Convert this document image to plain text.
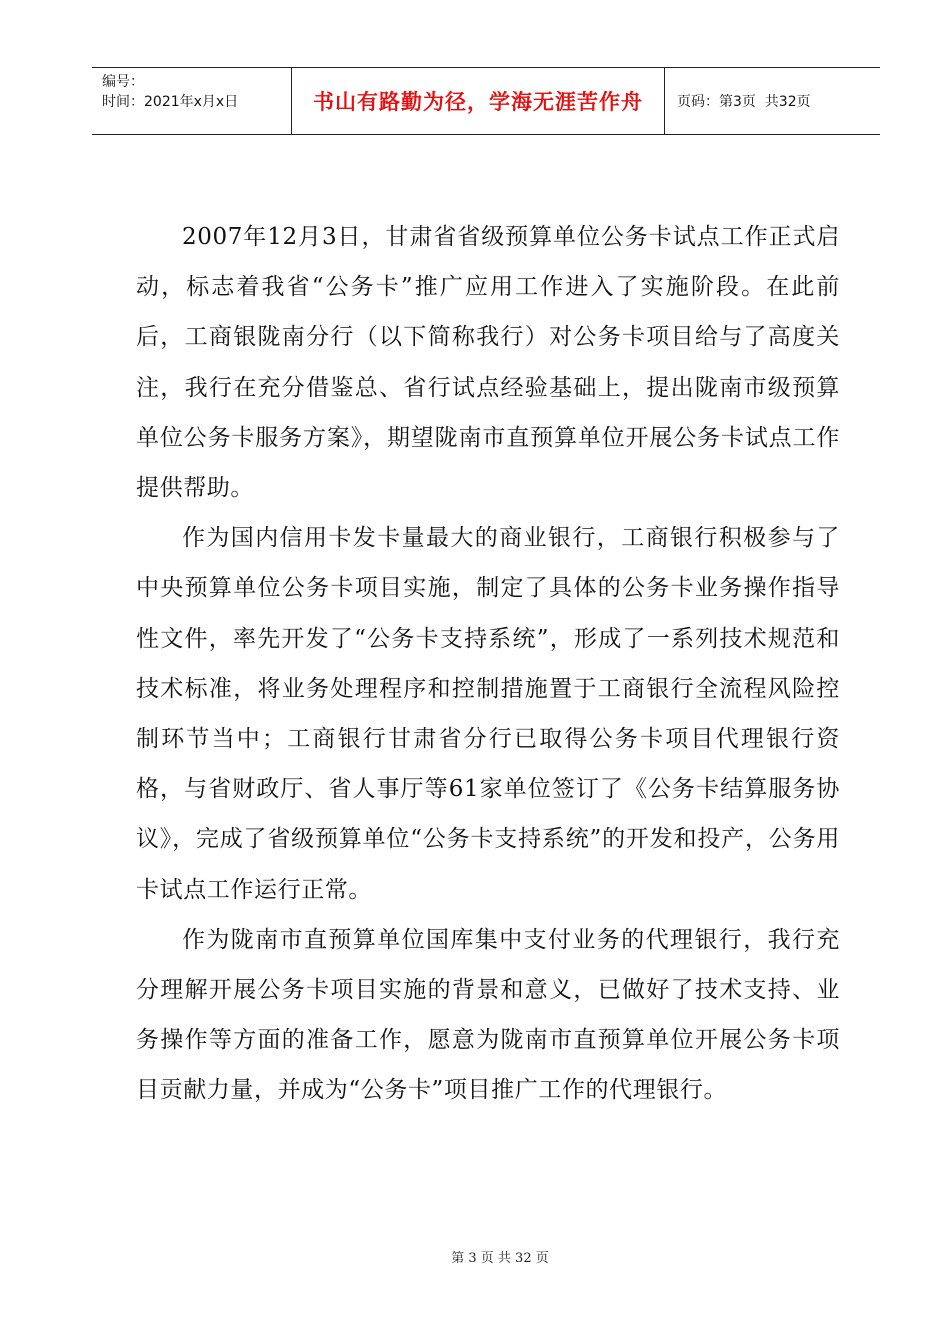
编号：
时间：2021年x月x日	书山有路勤为径，学海无涯苦作舟	页码：第3页  共32页

2007年12月3日，甘肃省省级预算单位公务卡试点工作正式启动，标志着我省“公务卡”推广应用工作进入了实施阶段。在此前后，工商银陇南分行（以下简称我行）对公务卡项目给与了高度关注，我行在充分借鉴总、省行试点经验基础上，提出陇南市级预算单位公务卡服务方案》，期望陇南市直预算单位开展公务卡试点工作提供帮助。

作为国内信用卡发卡量最大的商业银行，工商银行积极参与了中央预算单位公务卡项目实施，制定了具体的公务卡业务操作指导性文件，率先开发了“公务卡支持系统”，形成了一系列技术规范和技术标准，将业务处理程序和控制措施置于工商银行全流程风险控制环节当中；工商银行甘肃省分行已取得公务卡项目代理银行资格，与省财政厅、省人事厅等61家单位签订了《公务卡结算服务协议》，完成了省级预算单位“公务卡支持系统”的开发和投产，公务用卡试点工作运行正常。

作为陇南市直预算单位国库集中支付业务的代理银行，我行充分理解开展公务卡项目实施的背景和意义，已做好了技术支持、业务操作等方面的准备工作，愿意为陇南市直预算单位开展公务卡项目贡献力量，并成为“公务卡”项目推广工作的代理银行。

第 3 页 共 32 页
